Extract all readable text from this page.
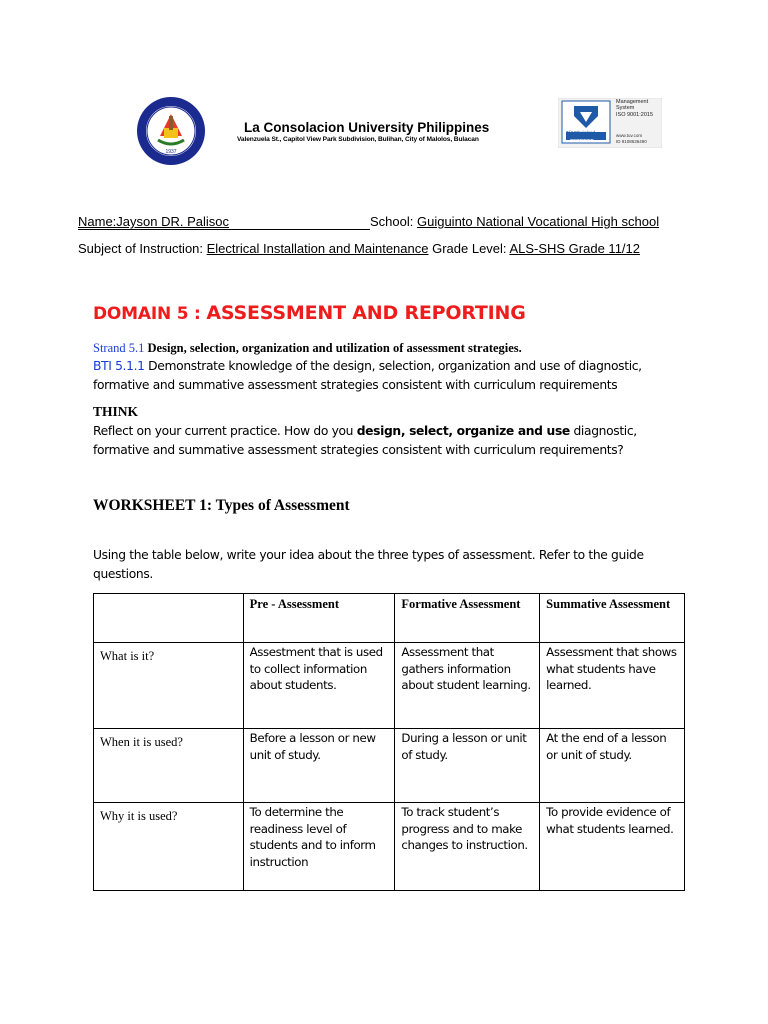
1937
La Consolacion University Philippines
Valenzuela St., Capitol View Park Subdivision, Bulihan, City of Malolos, Bulacan
Management
System
ISO 9001:2015
TÜVRheinland
CERTIFIED
www.tuv.com
ID 9108636490
Name:Jayson DR. Palisoc	School: Guiguinto National Vocational High school
Subject of Instruction: Electrical Installation and Maintenance Grade Level: ALS-SHS Grade 11/12
DOMAIN 5 : ASSESSMENT AND REPORTING
Strand 5.1 Design, selection, organization and utilization of assessment strategies.
BTI 5.1.1 Demonstrate knowledge of the design, selection, organization and use of diagnostic,
formative and summative assessment strategies consistent with curriculum requirements
THINK
Reflect on your current practice. How do you design, select, organize and use diagnostic,
formative and summative assessment strategies consistent with curriculum requirements?
WORKSHEET 1: Types of Assessment
Using the table below, write your idea about the three types of assessment. Refer to the guide
questions.
	Pre - Assessment	Formative Assessment	Summative Assessment
What is it?	Assestment that is used to collect information about students.	Assessment that gathers information about student learning.	Assessment that shows what students have learned.
When it is used?	Before a lesson or new unit of study.	During a lesson or unit of study.	At the end of a lesson or unit of study.
Why it is used?	To determine the readiness level of students and to inform instruction	To track student’s progress and to make changes to instruction.	To provide evidence of what students learned.
